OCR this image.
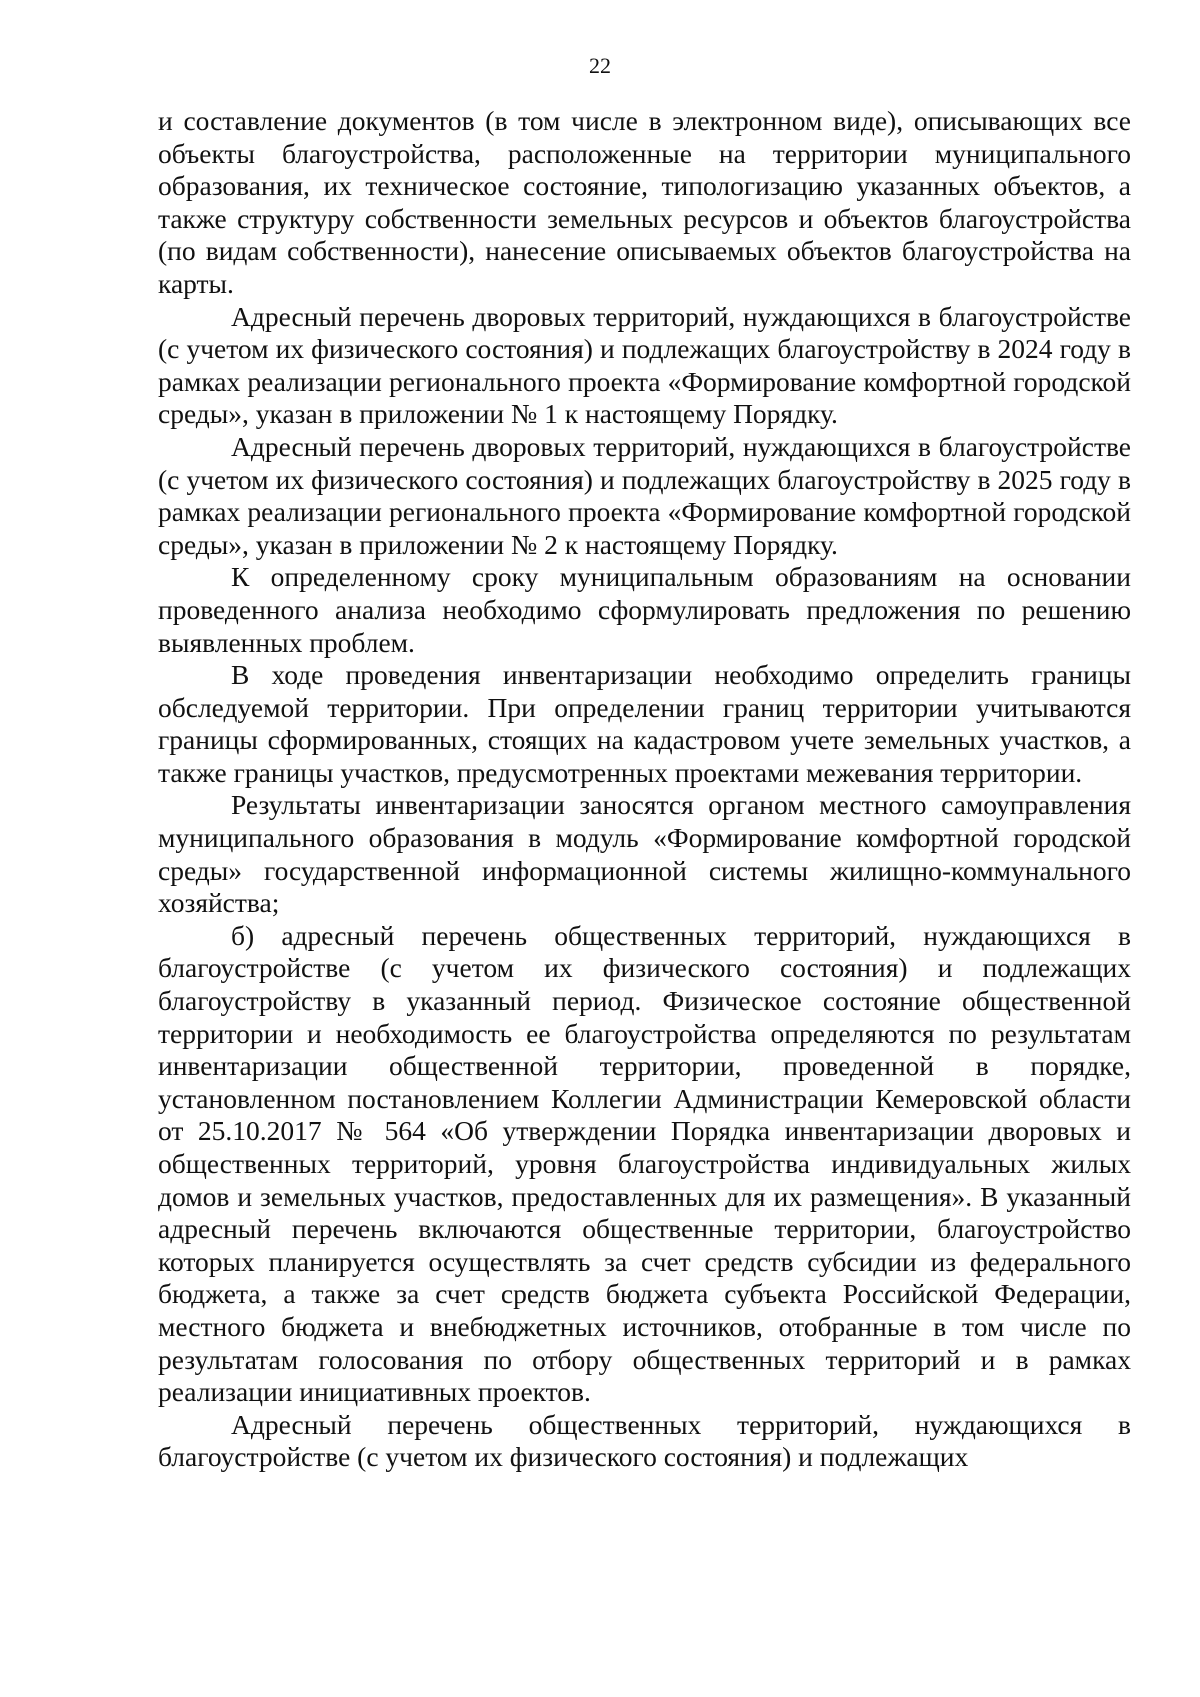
22

и составление документов (в том числе в электронном виде), описывающих все объекты благоустройства, расположенные на территории муниципального образования, их техническое состояние, типологизацию указанных объектов, а также структуру собственности земельных ресурсов и объектов благоустройства (по видам собственности), нанесение описываемых объектов благоустройства на карты.

Адресный перечень дворовых территорий, нуждающихся в благоустройстве (с учетом их физического состояния) и подлежащих благоустройству в 2024 году в рамках реализации регионального проекта «Формирование комфортной городской среды», указан в приложении № 1 к настоящему Порядку.

Адресный перечень дворовых территорий, нуждающихся в благоустройстве (с учетом их физического состояния) и подлежащих благоустройству в 2025 году в рамках реализации регионального проекта «Формирование комфортной городской среды», указан в приложении № 2 к настоящему Порядку.

К определенному сроку муниципальным образованиям на основании проведенного анализа необходимо сформулировать предложения по решению выявленных проблем.

В ходе проведения инвентаризации необходимо определить границы обследуемой территории. При определении границ территории учитываются границы сформированных, стоящих на кадастровом учете земельных участков, а также границы участков, предусмотренных проектами межевания территории.

Результаты инвентаризации заносятся органом местного самоуправления муниципального образования в модуль «Формирование комфортной городской среды» государственной информационной системы жилищно-коммунального хозяйства;

б) адресный перечень общественных территорий, нуждающихся в благоустройстве (с учетом их физического состояния) и подлежащих благоустройству в указанный период. Физическое состояние общественной территории и необходимость ее благоустройства определяются по результатам инвентаризации общественной территории, проведенной в порядке, установленном постановлением Коллегии Администрации Кемеровской области от 25.10.2017 № 564 «Об утверждении Порядка инвентаризации дворовых и общественных территорий, уровня благоустройства индивидуальных жилых домов и земельных участков, предоставленных для их размещения». В указанный адресный перечень включаются общественные территории, благоустройство которых планируется осуществлять за счет средств субсидии из федерального бюджета, а также за счет средств бюджета субъекта Российской Федерации, местного бюджета и внебюджетных источников, отобранные в том числе по результатам голосования по отбору общественных территорий и в рамках реализации инициативных проектов.

Адресный перечень общественных территорий, нуждающихся в благоустройстве (с учетом их физического состояния) и подлежащих
